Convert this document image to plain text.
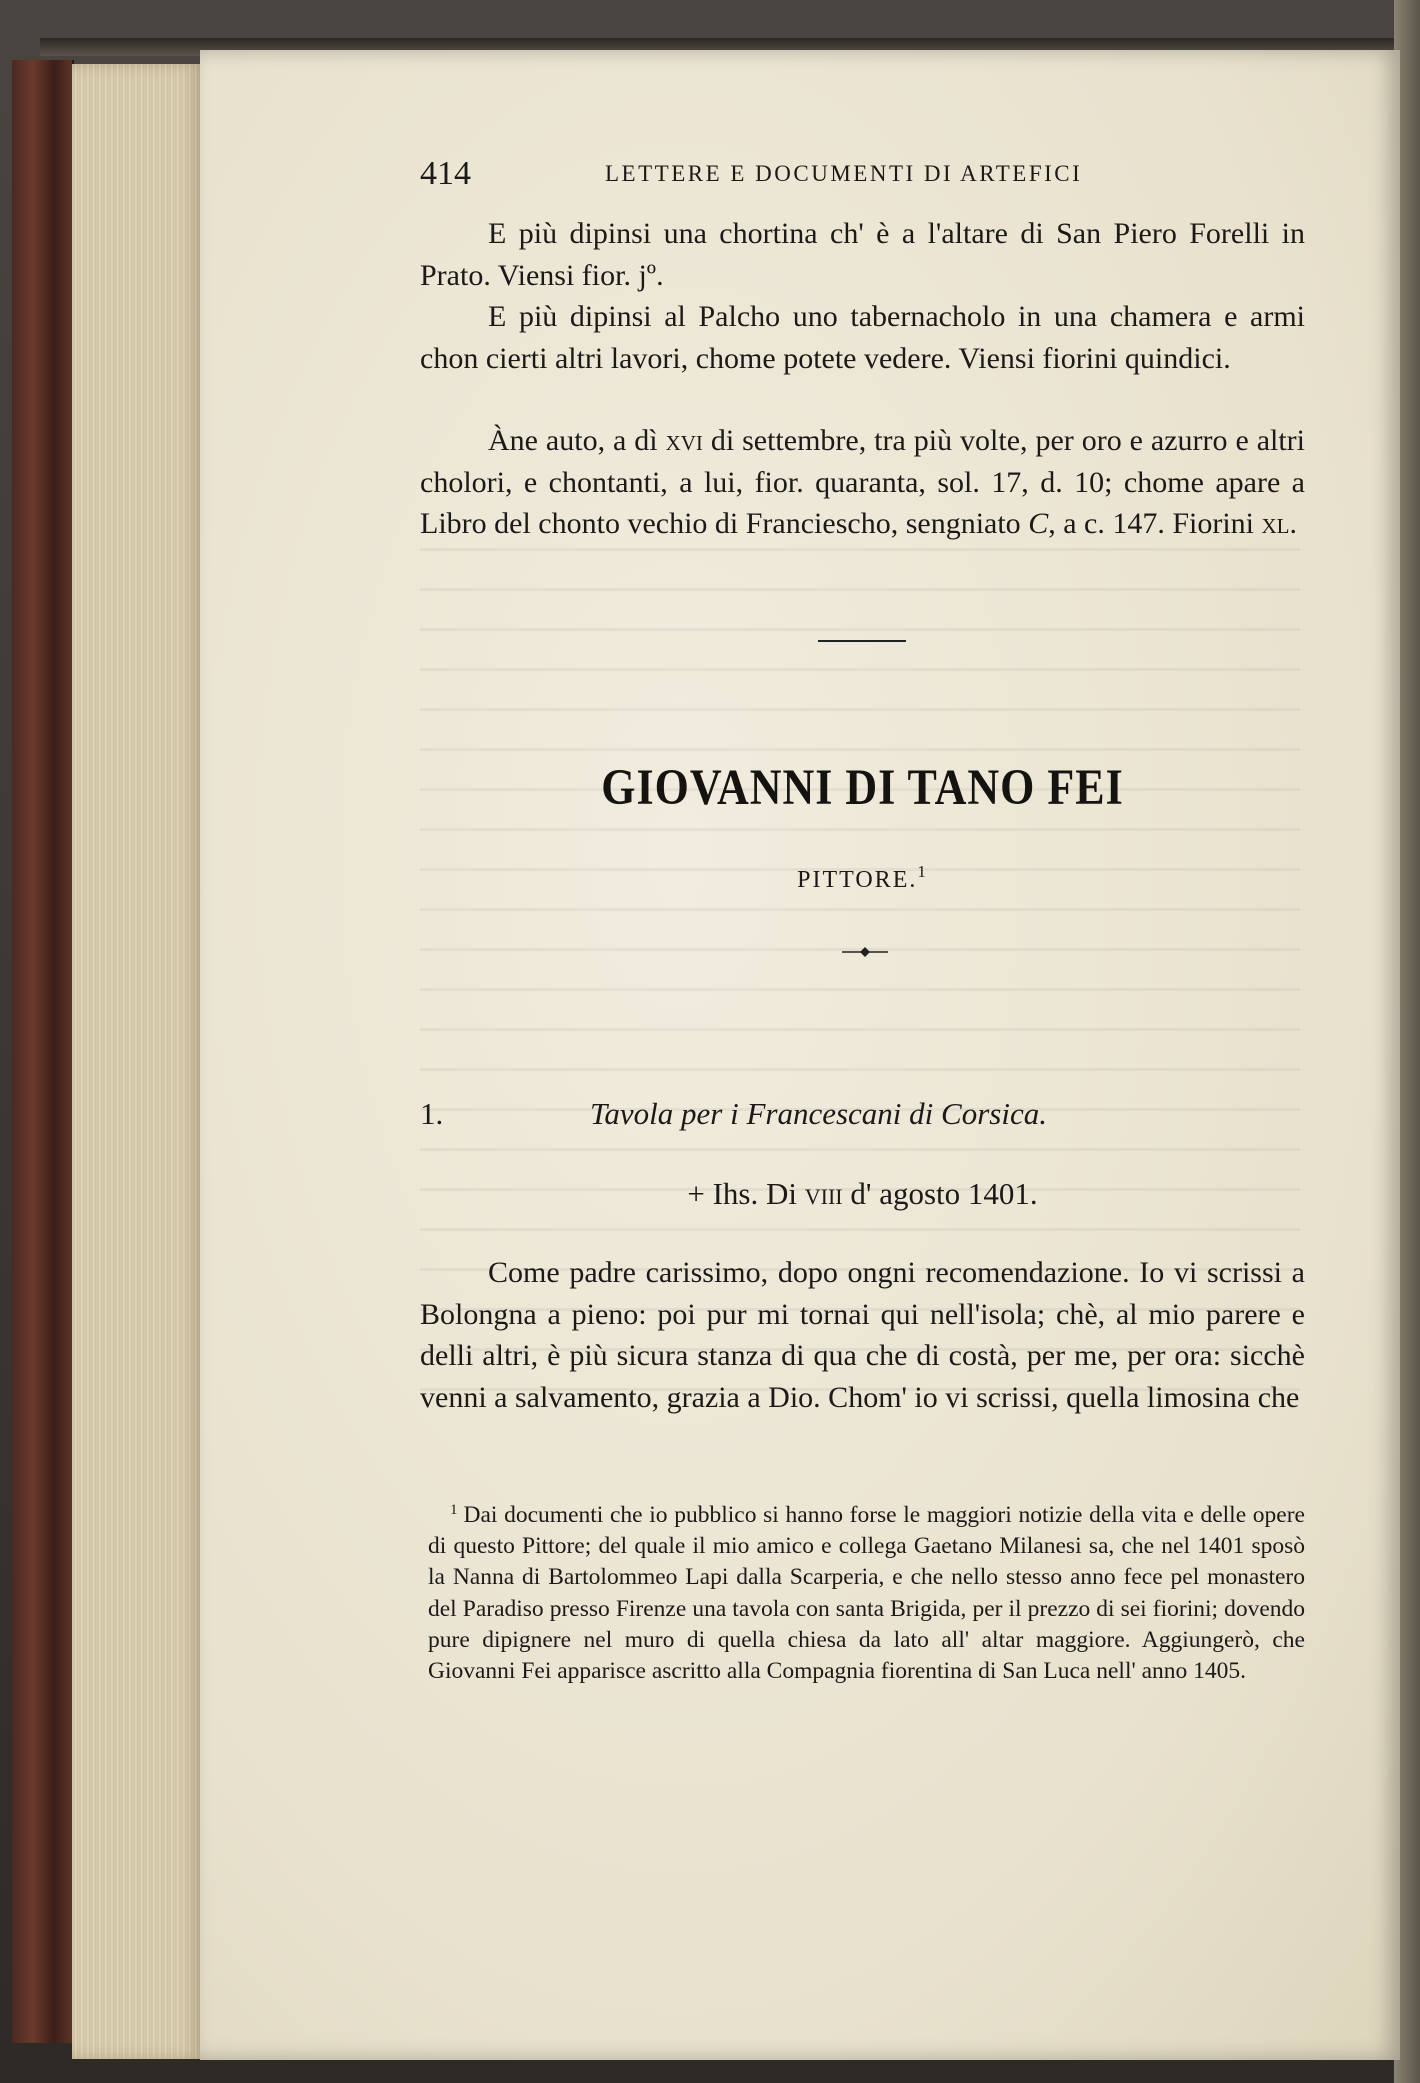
414	LETTERE E DOCUMENTI DI ARTEFICI
E più dipinsi una chortina ch' è a l'altare di San Piero Forelli in Prato. Viensi fior. jº.
E più dipinsi al Palcho uno tabernacholo in una chamera e armi chon cierti altri lavori, chome potete vedere. Viensi fiorini quindici.
Àne auto, a dì xvi di settembre, tra più volte, per oro e azurro e altri cholori, e chontanti, a lui, fior. quaranta, sol. 17, d. 10; chome apare a Libro del chonto vechio di Franciescho, sengniato C, a c. 147. Fiorini xl.
GIOVANNI DI TANO FEI
PITTORE.$^1$
1.	Tavola per i Francescani di Corsica.
+ Ihs. Di viii d' agosto 1401.
Come padre carissimo, dopo ongni recomendazione. Io vi scrissi a Bolongna a pieno: poi pur mi tornai qui nell'isola; chè, al mio parere e delli altri, è più sicura stanza di qua che di costà, per me, per ora: sicchè venni a salvamento, grazia a Dio. Chom' io vi scrissi, quella limosina che
$^1$ Dai documenti che io pubblico si hanno forse le maggiori notizie della vita e delle opere di questo Pittore; del quale il mio amico e collega Gaetano Milanesi sa, che nel 1401 sposò la Nanna di Bartolommeo Lapi dalla Scarperia, e che nello stesso anno fece pel monastero del Paradiso presso Firenze una tavola con santa Brigida, per il prezzo di sei fiorini; dovendo pure dipignere nel muro di quella chiesa da lato all' altar maggiore. Aggiungerò, che Giovanni Fei apparisce ascritto alla Compagnia fiorentina di San Luca nell' anno 1405.
